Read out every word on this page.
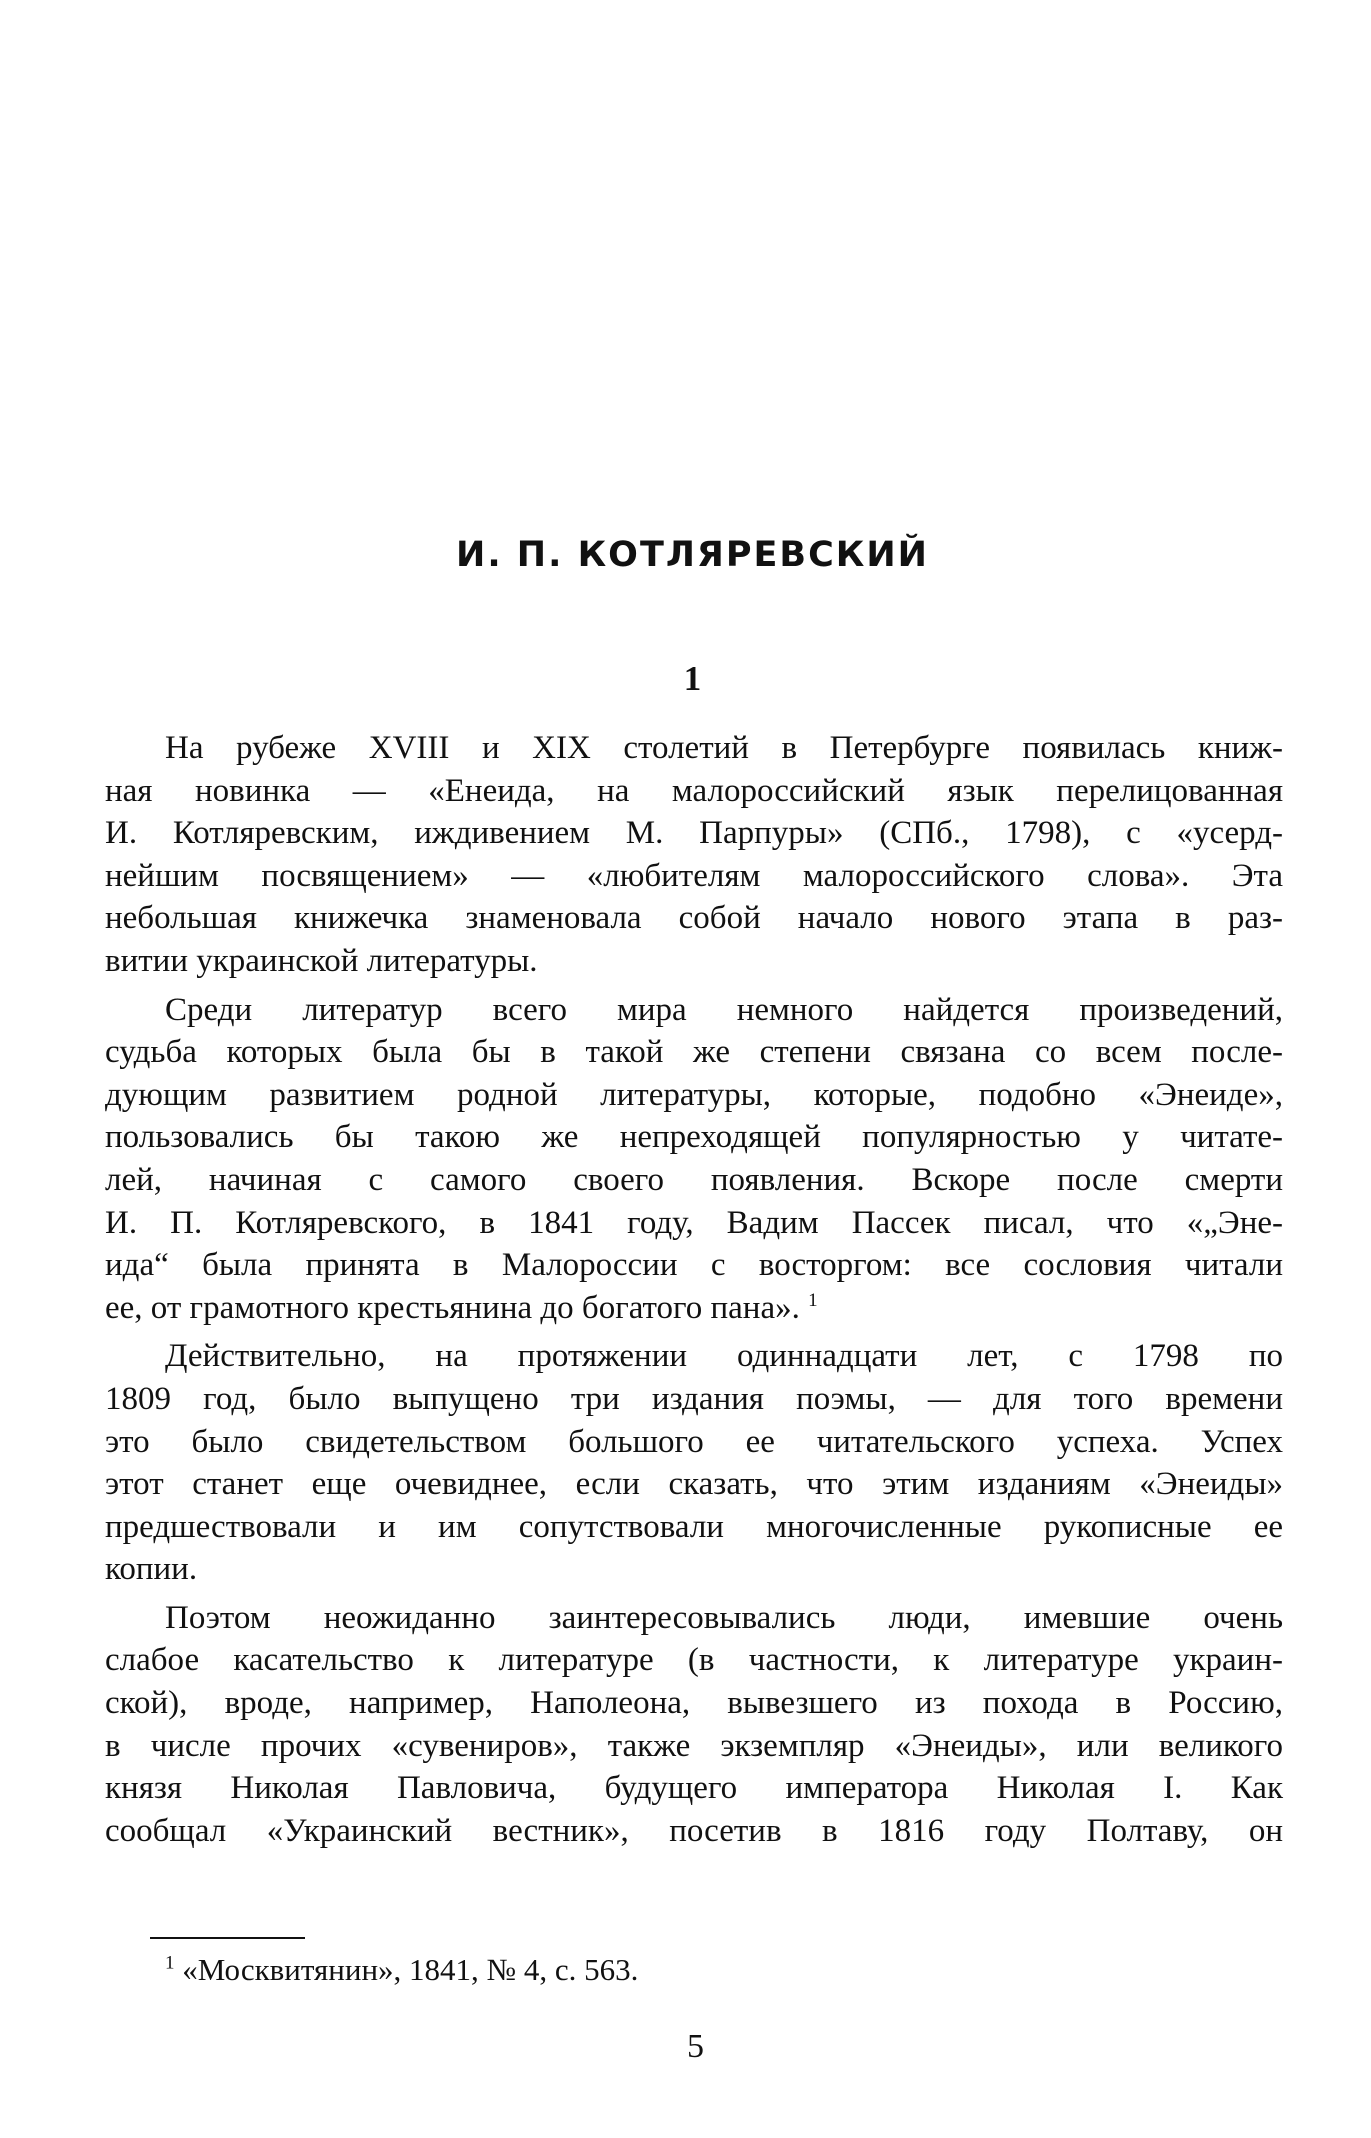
И. П. КОТЛЯРЕВСКИЙ
1

На рубеже XVIII и XIX столетий в Петербурге появилась книж-
ная новинка — «Енеида, на малороссийский язык перелицованная
И. Котляревским, иждивением М. Парпуры» (СПб., 1798), с «усерд-
нейшим посвящением» — «любителям малороссийского слова». Эта
небольшая книжечка знаменовала собой начало нового этапа в раз-
витии украинской литературы.

Среди литератур всего мира немного найдется произведений,
судьба которых была бы в такой же степени связана со всем после-
дующим развитием родной литературы, которые, подобно «Энеиде»,
пользовались бы такою же непреходящей популярностью у читате-
лей, начиная с самого своего появления. Вскоре после смерти
И. П. Котляревского, в 1841 году, Вадим Пассек писал, что «„Эне-
ида“ была принята в Малороссии с восторгом: все сословия читали
ее, от грамотного крестьянина до богатого пана». $^1$

Действительно, на протяжении одиннадцати лет, с 1798 по
1809 год, было выпущено три издания поэмы, — для того времени
это было свидетельством большого ее читательского успеха. Успех
этот станет еще очевиднее, если сказать, что этим изданиям «Энеиды»
предшествовали и им сопутствовали многочисленные рукописные ее
копии.

Поэтом неожиданно заинтересовывались люди, имевшие очень
слабое касательство к литературе (в частности, к литературе украин-
ской), вроде, например, Наполеона, вывезшего из похода в Россию,
в числе прочих «сувениров», также экземпляр «Энеиды», или великого
князя Николая Павловича, будущего императора Николая I. Как
сообщал «Украинский вестник», посетив в 1816 году Полтаву, он

$^1$ «Москвитянин», 1841, № 4, с. 563.

5
